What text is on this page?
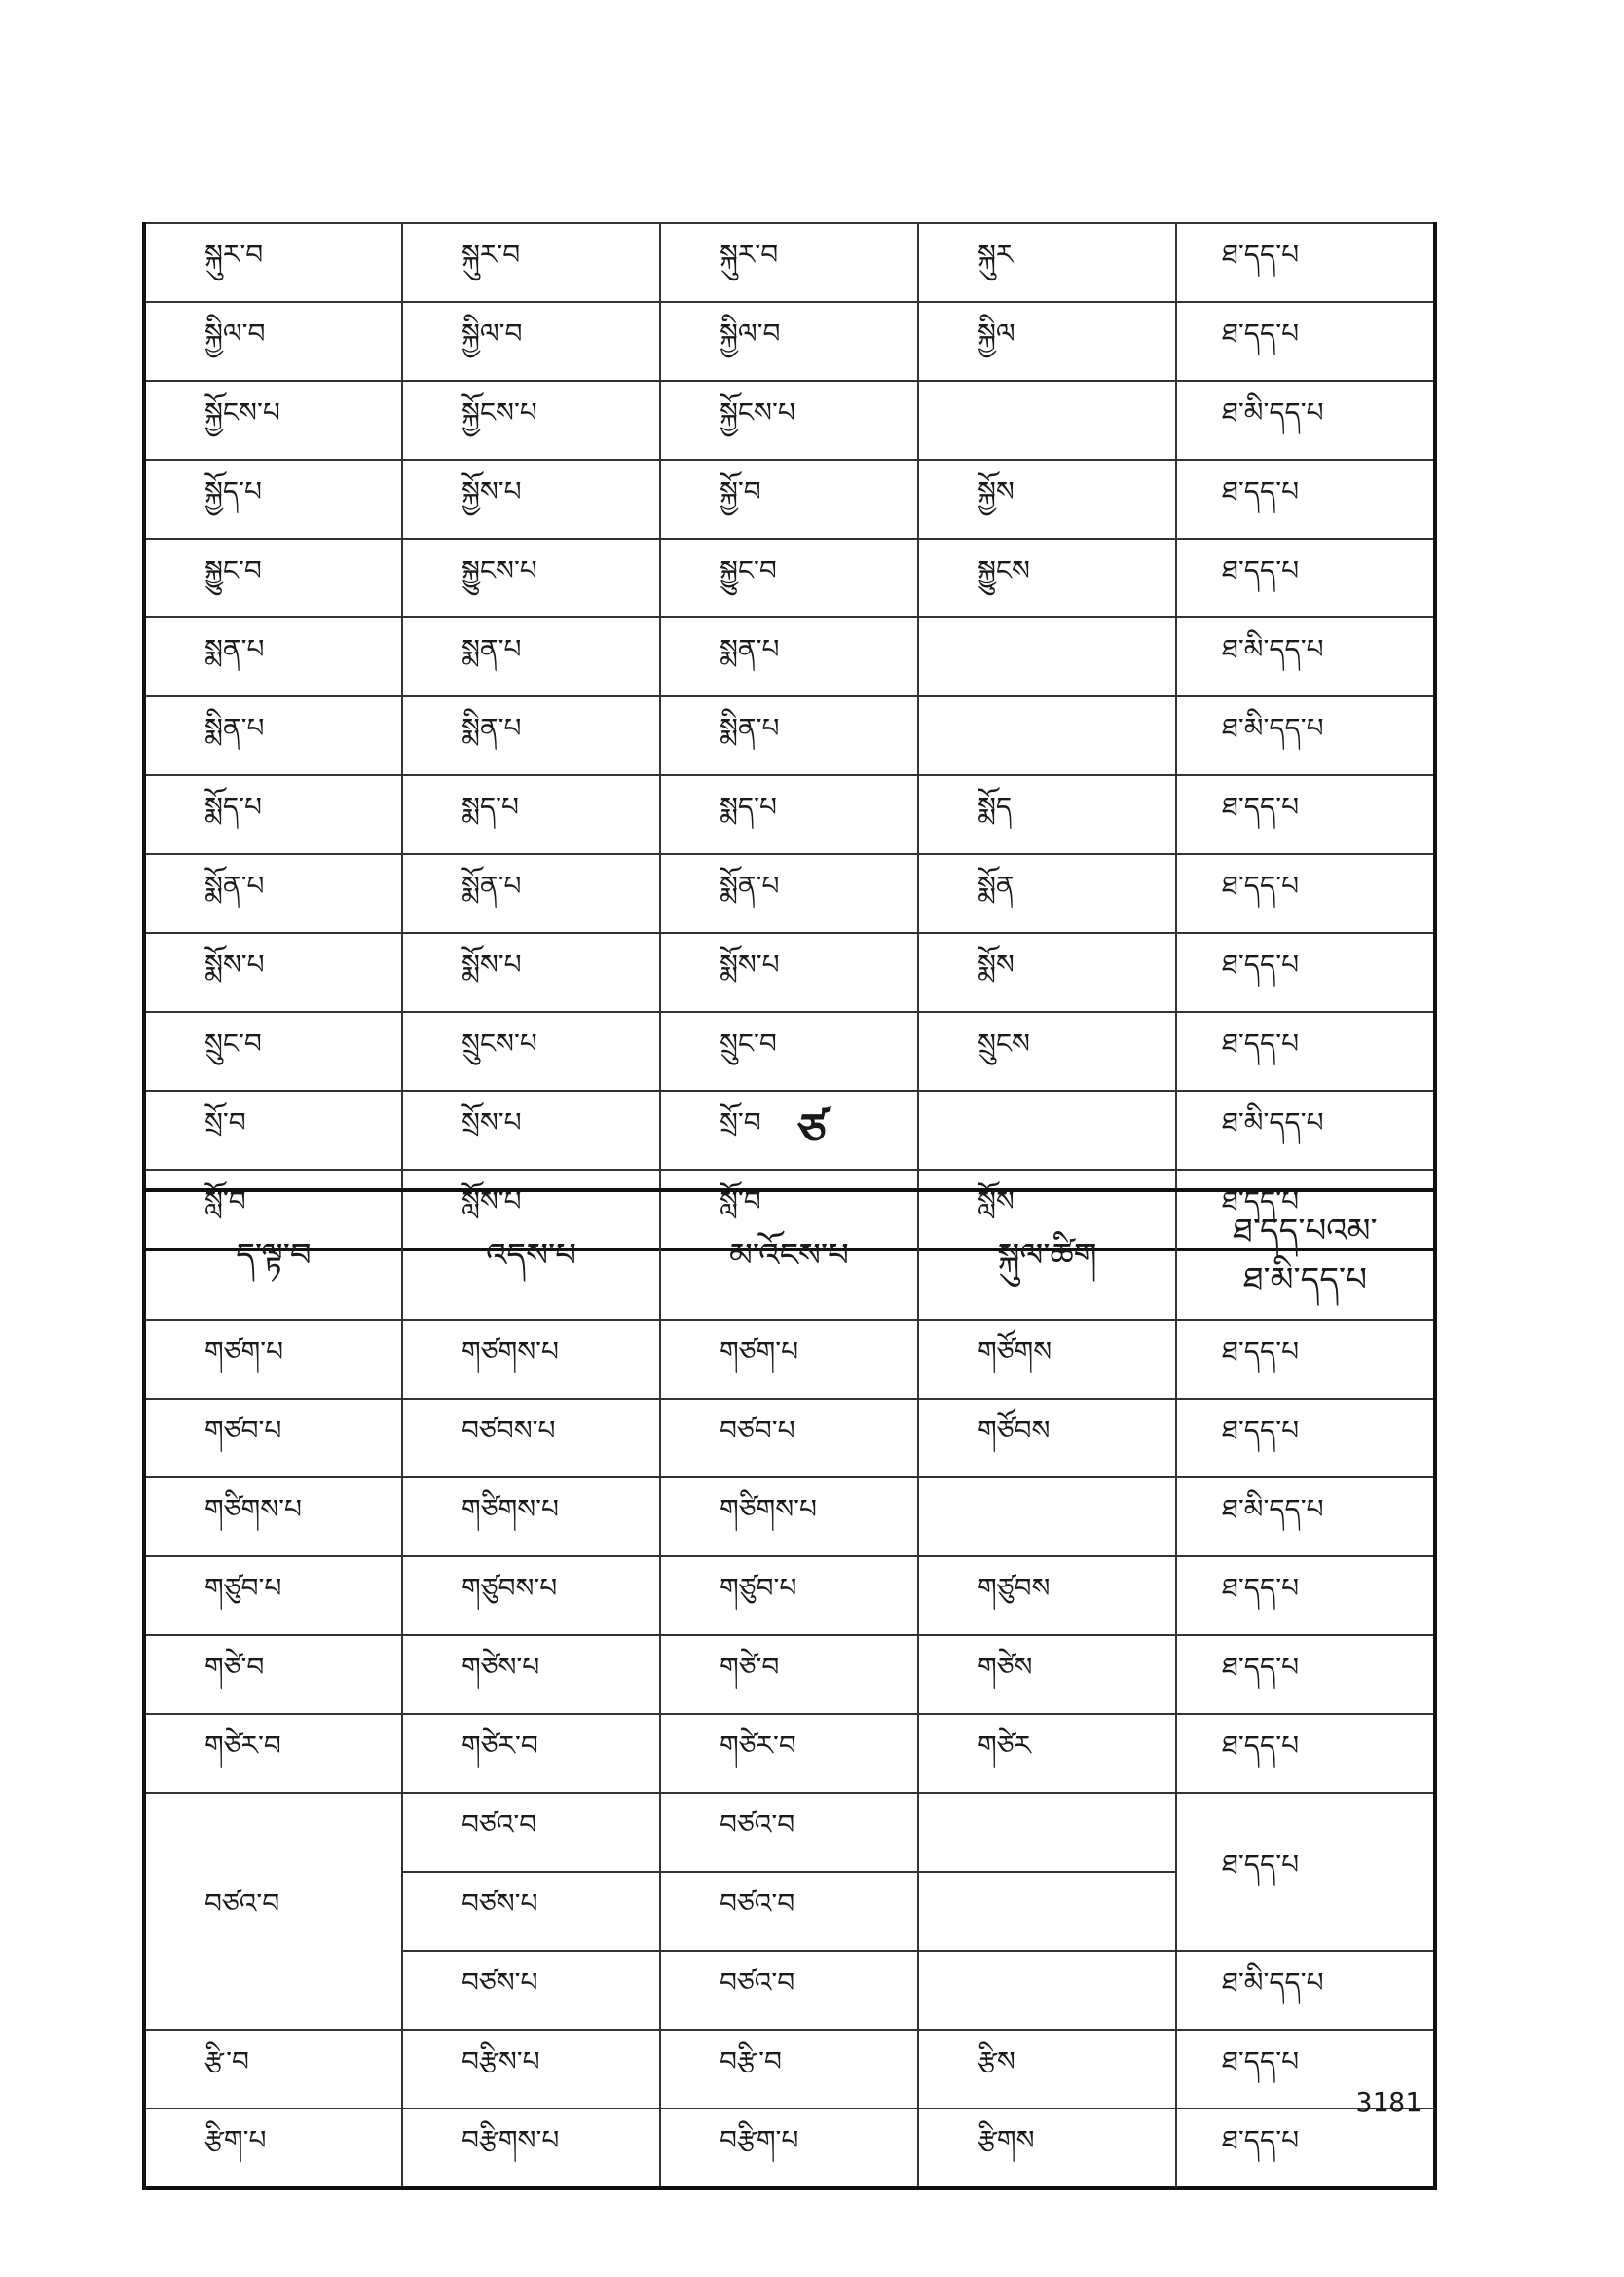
སྐུར་བ	སྐུར་བ	སྐུར་བ	སྐུར	ཐ་དད་པ
སྐྱིལ་བ	སྐྱིལ་བ	སྐྱིལ་བ	སྐྱིལ	ཐ་དད་པ
སྐྱོངས་པ	སྐྱོངས་པ	སྐྱོངས་པ		ཐ་མི་དད་པ
སྐྱོད་པ	སྐྱོས་པ	སྐྱོ་བ	སྐྱོས	ཐ་དད་པ
སྐྱུང་བ	སྐྱུངས་པ	སྐྱུང་བ	སྐྱུངས	ཐ་དད་པ
སྨན་པ	སྨན་པ	སྨན་པ		ཐ་མི་དད་པ
སྨིན་པ	སྨིན་པ	སྨིན་པ		ཐ་མི་དད་པ
སྨོད་པ	སྨད་པ	སྨད་པ	སྨོད	ཐ་དད་པ
སྨོན་པ	སྨོན་པ	སྨོན་པ	སྨོན	ཐ་དད་པ
སྨོས་པ	སྨོས་པ	སྨོས་པ	སྨོས	ཐ་དད་པ
སྲུང་བ	སྲུངས་པ	སྲུང་བ	སྲུངས	ཐ་དད་པ
སྲོ་བ	སྲོས་པ	སྲོ་བ		ཐ་མི་དད་པ
སློ་བ	སློས་པ	སློ་བ	སློས	ཐ་དད་པ
ཙ
ད་ལྟ་བ	འདས་པ	མ་འོངས་པ	སྐུལ་ཚིག	ཐ་དད་པའམ་
ཐ་མི་དད་པ

གཙག་པ	གཙགས་པ	གཙག་པ	གཙོགས	ཐ་དད་པ
གཙབ་པ	བཙབས་པ	བཙབ་པ	གཙོབས	ཐ་དད་པ
གཙིགས་པ	གཙིགས་པ	གཙིགས་པ		ཐ་མི་དད་པ
གཙུབ་པ	གཙུབས་པ	གཙུབ་པ	གཙུབས	ཐ་དད་པ
གཙེ་བ	གཙེས་པ	གཙེ་བ	གཙེས	ཐ་དད་པ
གཙེར་བ	གཙེར་བ	གཙེར་བ	གཙེར	ཐ་དད་པ
བཙའ་བ	བཙའ་བ	བཙའ་བ		ཐ་དད་པ
	བཙས་པ	བཙའ་བ		
	བཙས་པ	བཙའ་བ		ཐ་མི་དད་པ
རྩི་བ	བརྩིས་པ	བརྩི་བ	རྩིས	ཐ་དད་པ
རྩིག་པ	བརྩིགས་པ	བརྩིག་པ	རྩིགས	ཐ་དད་པ
3181
